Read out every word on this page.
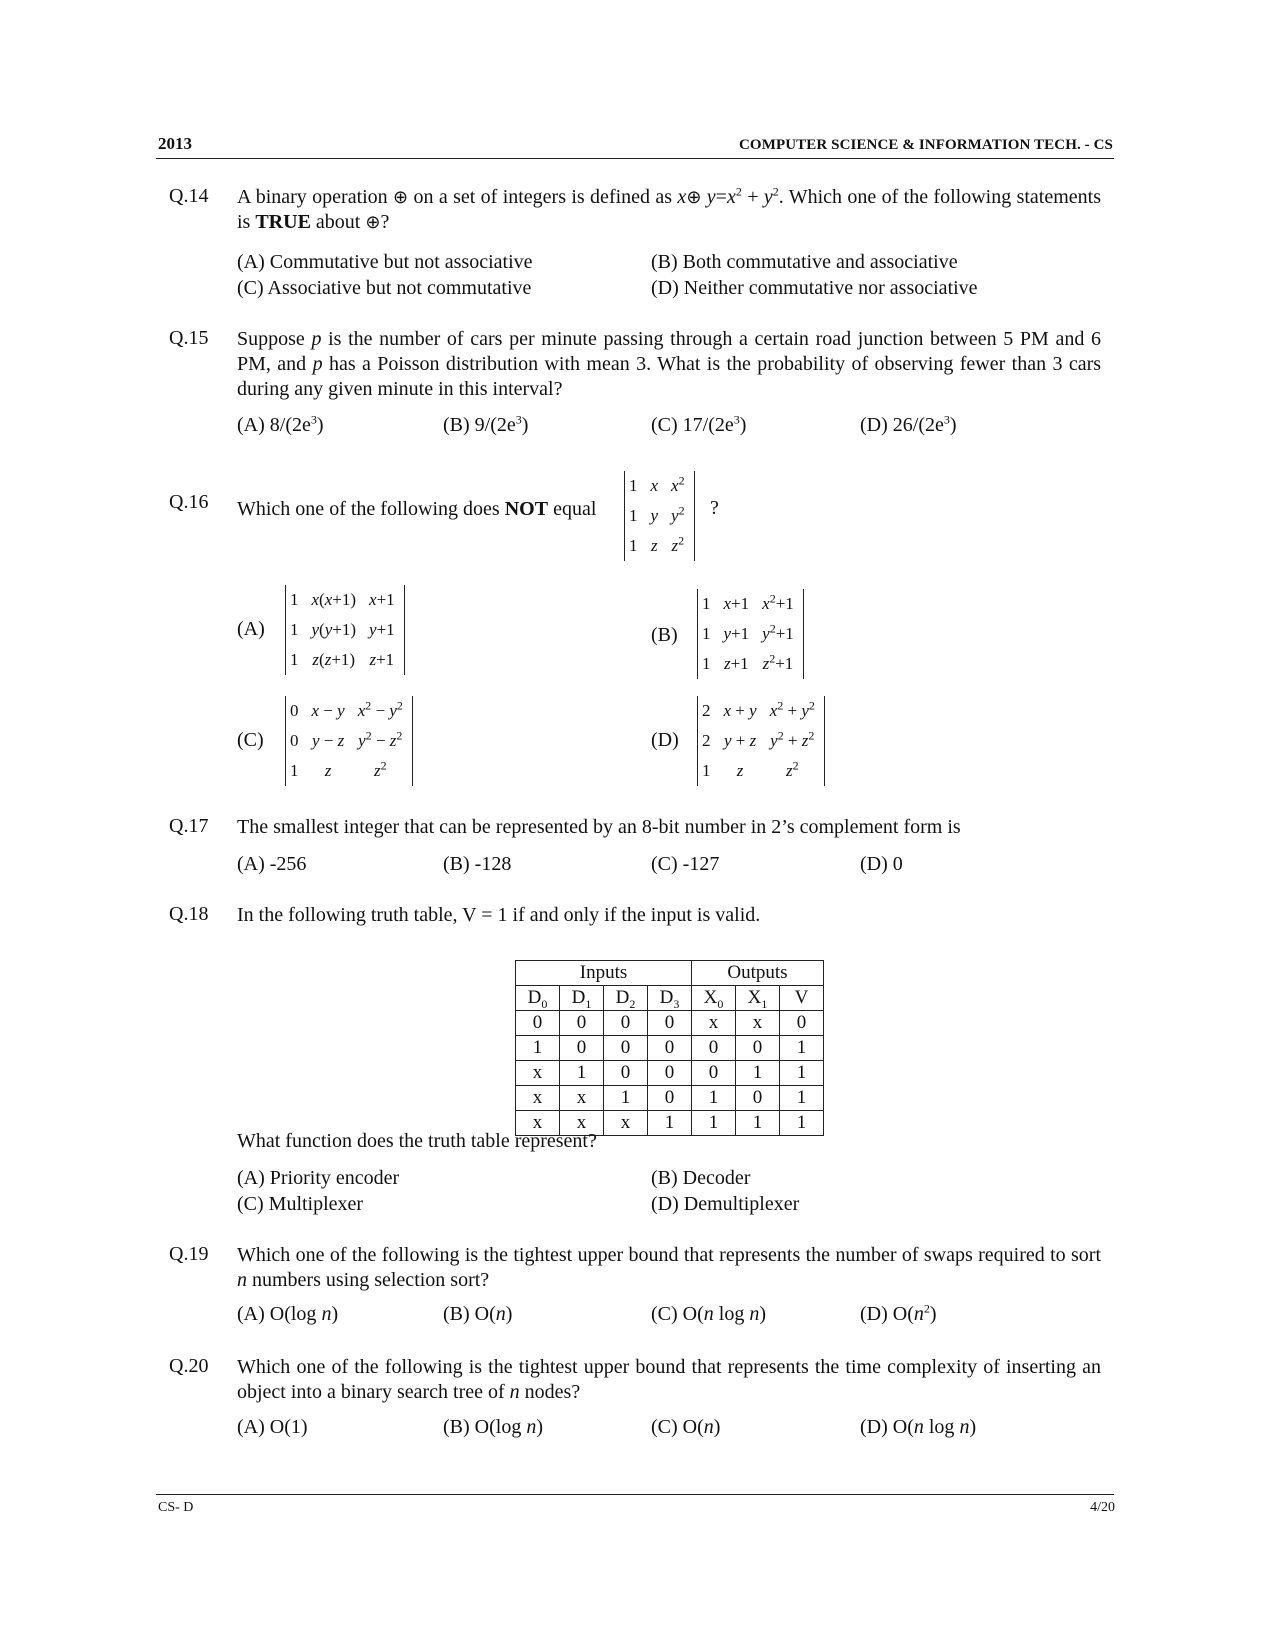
2013	COMPUTER SCIENCE & INFORMATION TECH. - CS
Q.14 A binary operation ⊕ on a set of integers is defined as x⊕ $y=x^2 + y^2$. Which one of the following statements is TRUE about ⊕?
(A) Commutative but not associative	(B) Both commutative and associative
(C) Associative but not commutative	(D) Neither commutative nor associative
Q.15 Suppose p is the number of cars per minute passing through a certain road junction between 5 PM and 6 PM, and p has a Poisson distribution with mean 3. What is the probability of observing fewer than 3 cars during any given minute in this interval?
(A) $8/(2e^3)$	(B) $9/(2e^3)$	(C) $17/(2e^3)$	(D) $26/(2e^3)$
Q.16 Which one of the following does NOT equal
1	x	$x^2$
1	y	$y^2$
1	z	$z^2$
?
(A)
1	x(x+1)	x+1
1	y(y+1)	y+1
1	z(z+1)	z+1
(B)
1	x+1	$x^2+1$
1	y+1	$y^2+1$
1	z+1	$z^2+1$
(C)
0	x − y	$x^2 - y^2$
0	y − z	$y^2 - z^2$
1	z	$z^2$
(D)
2	x + y	$x^2 + y^2$
2	y + z	$y^2 + z^2$
1	z	$z^2$
Q.17 The smallest integer that can be represented by an 8-bit number in 2’s complement form is
(A) -256	(B) -128	(C) -127	(D) 0
Q.18 In the following truth table, V = 1 if and only if the input is valid.
Inputs				Outputs		
$D_0$	$D_1$	$D_2$	$D_3$	$X_0$	$X_1$	V
0	0	0	0	x	x	0
1	0	0	0	0	0	1
x	1	0	0	0	1	1
x	x	1	0	1	0	1
x	x	x	1	1	1	1
What function does the truth table represent?
(A) Priority encoder	(B) Decoder
(C) Multiplexer	(D) Demultiplexer
Q.19 Which one of the following is the tightest upper bound that represents the number of swaps required to sort n numbers using selection sort?
(A) O(log n)	(B) O(n)	(C) O(n log n)	(D) $O(n^2)$
Q.20 Which one of the following is the tightest upper bound that represents the time complexity of inserting an object into a binary search tree of n nodes?
(A) O(1)	(B) O(log n)	(C) O(n)	(D) O(n log n)
CS- D	4/20
